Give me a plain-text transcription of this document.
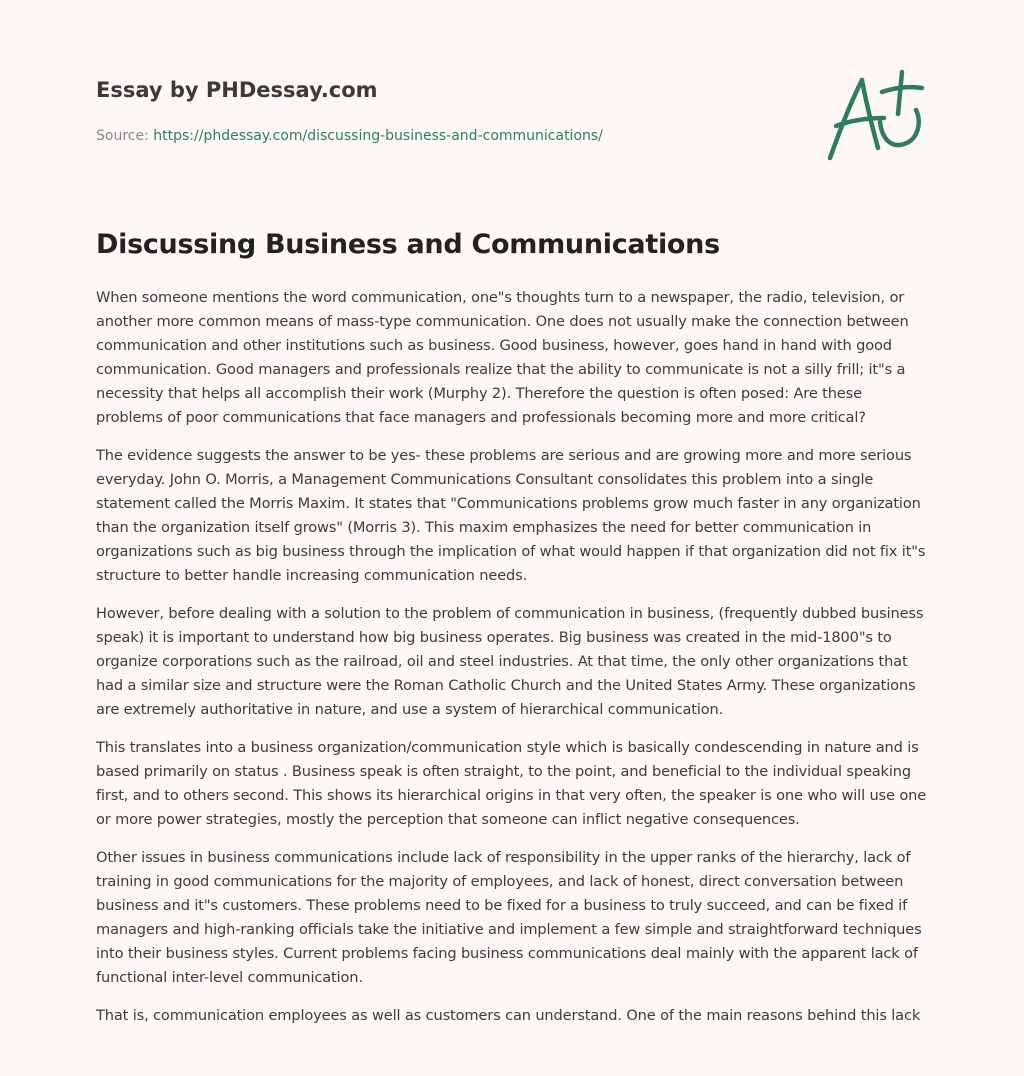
Essay by PHDessay.com
Source: https://phdessay.com/discussing-business-and-communications/
Discussing Business and Communications

When someone mentions the word communication, one"s thoughts turn to a newspaper, the radio, television, or another more common means of mass-type communication. One does not usually make the connection between communication and other institutions such as business. Good business, however, goes hand in hand with good communication. Good managers and professionals realize that the ability to communicate is not a silly frill; it"s a necessity that helps all accomplish their work (Murphy 2). Therefore the question is often posed: Are these problems of poor communications that face managers and professionals becoming more and more critical?

The evidence suggests the answer to be yes- these problems are serious and are growing more and more serious everyday. John O. Morris, a Management Communications Consultant consolidates this problem into a single statement called the Morris Maxim. It states that "Communications problems grow much faster in any organization than the organization itself grows" (Morris 3). This maxim emphasizes the need for better communication in organizations such as big business through the implication of what would happen if that organization did not fix it"s structure to better handle increasing communication needs.

However, before dealing with a solution to the problem of communication in business, (frequently dubbed business speak) it is important to understand how big business operates. Big business was created in the mid-1800"s to organize corporations such as the railroad, oil and steel industries. At that time, the only other organizations that had a similar size and structure were the Roman Catholic Church and the United States Army. These organizations are extremely authoritative in nature, and use a system of hierarchical communication.

This translates into a business organization/communication style which is basically condescending in nature and is based primarily on status . Business speak is often straight, to the point, and beneficial to the individual speaking first, and to others second. This shows its hierarchical origins in that very often, the speaker is one who will use one or more power strategies, mostly the perception that someone can inflict negative consequences.

Other issues in business communications include lack of responsibility in the upper ranks of the hierarchy, lack of training in good communications for the majority of employees, and lack of honest, direct conversation between business and it"s customers. These problems need to be fixed for a business to truly succeed, and can be fixed if managers and high-ranking officials take the initiative and implement a few simple and straightforward techniques into their business styles. Current problems facing business communications deal mainly with the apparent lack of functional inter-level communication.

That is, communication employees as well as customers can understand. One of the main reasons behind this lack
